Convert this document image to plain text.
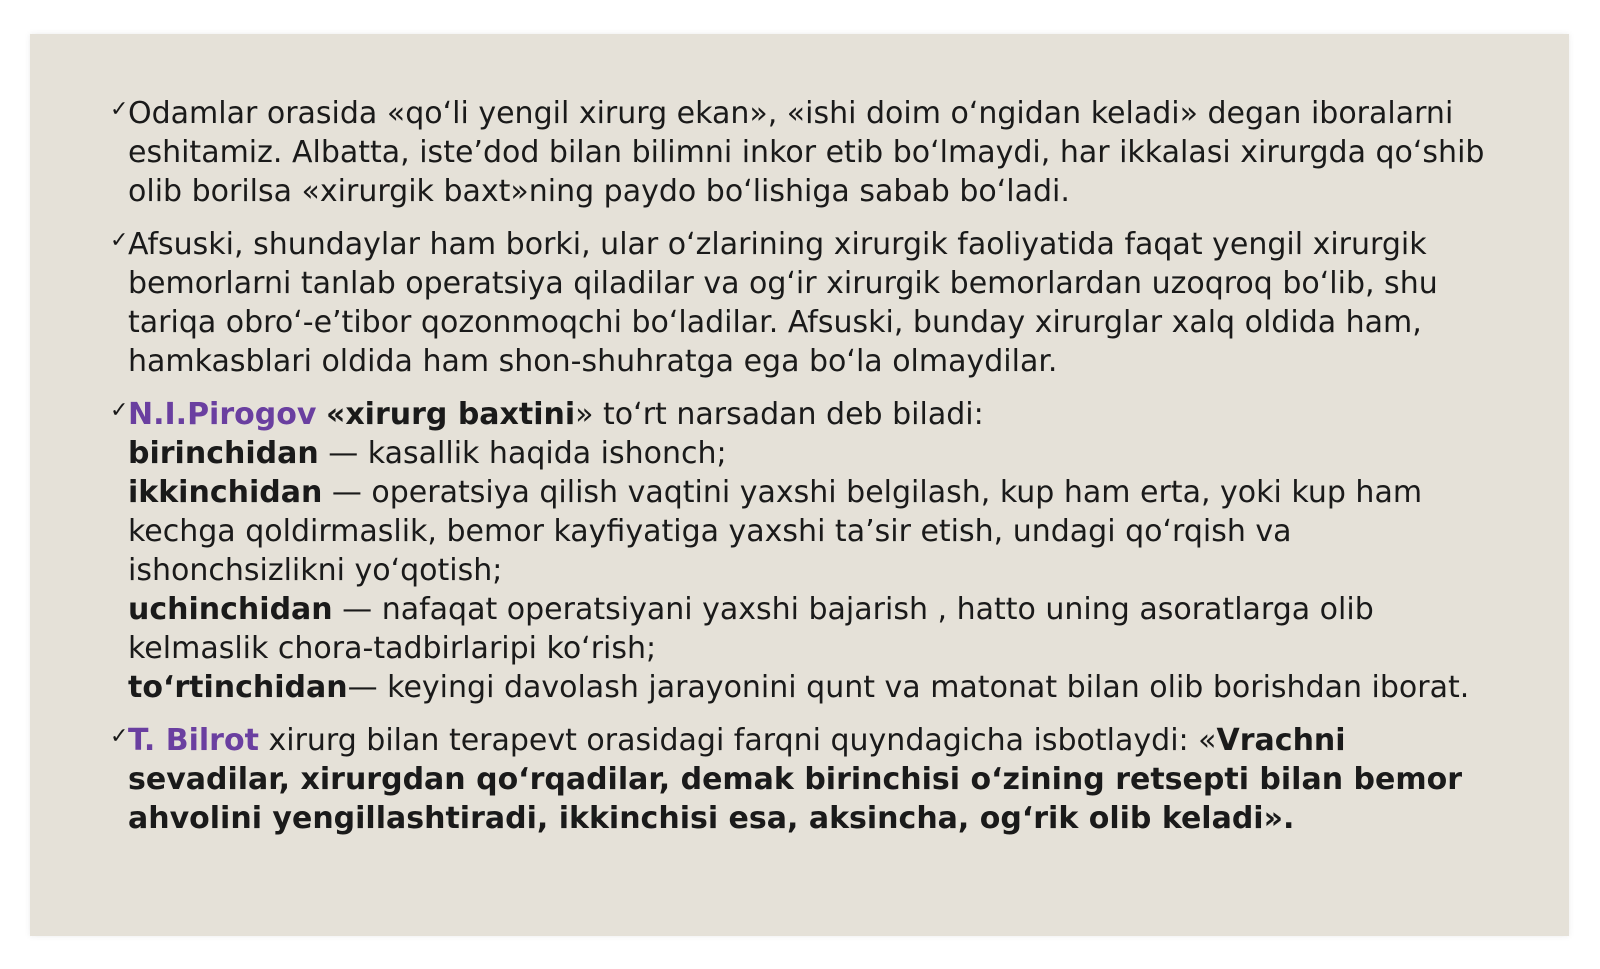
✓ Odamlar orasida «qo‘li yengil xirurg ekan», «ishi doim o‘ngidan keladi» degan iboralarni
eshitamiz. Albatta, iste’dod bilan bilimni inkor etib bo‘lmaydi, har ikkalasi xirurgda qo‘shib
olib borilsa «xirurgik baxt»ning paydo bo‘lishiga sabab bo‘ladi.
✓ Afsuski, shundaylar ham borki, ular o‘zlarining xirurgik faoliyatida faqat yengil xirurgik
bemorlarni tanlab operatsiya qiladilar va og‘ir xirurgik bemorlardan uzoqroq bo‘lib, shu
tariqa obro‘-e’tibor qozonmoqchi bo‘ladilar. Afsuski, bunday xirurglar xalq oldida ham,
hamkasblari oldida ham shon-shuhratga ega bo‘la olmaydilar.
✓ N.I.Pirogov «xirurg baxtini» to‘rt narsadan deb biladi:
birinchidan — kasallik haqida ishonch;
ikkinchidan — operatsiya qilish vaqtini yaxshi belgilash, kup ham erta, yoki kup ham
kechga qoldirmaslik, bemor kayfiyatiga yaxshi ta’sir etish, undagi qo‘rqish va
ishonchsizlikni yo‘qotish;
uchinchidan — nafaqat operatsiyani yaxshi bajarish , hatto uning asoratlarga olib
kelmaslik chora-tadbirlaripi ko‘rish;
to‘rtinchidan— keyingi davolash jarayonini qunt va matonat bilan olib borishdan iborat.
✓ T. Bilrot xirurg bilan terapevt orasidagi farqni quyndagicha isbotlaydi: «Vrachni
sevadilar, xirurgdan qo‘rqadilar, demak birinchisi o‘zining retsepti bilan bemor
ahvolini yengillashtiradi, ikkinchisi esa, aksincha, og‘rik olib keladi».
